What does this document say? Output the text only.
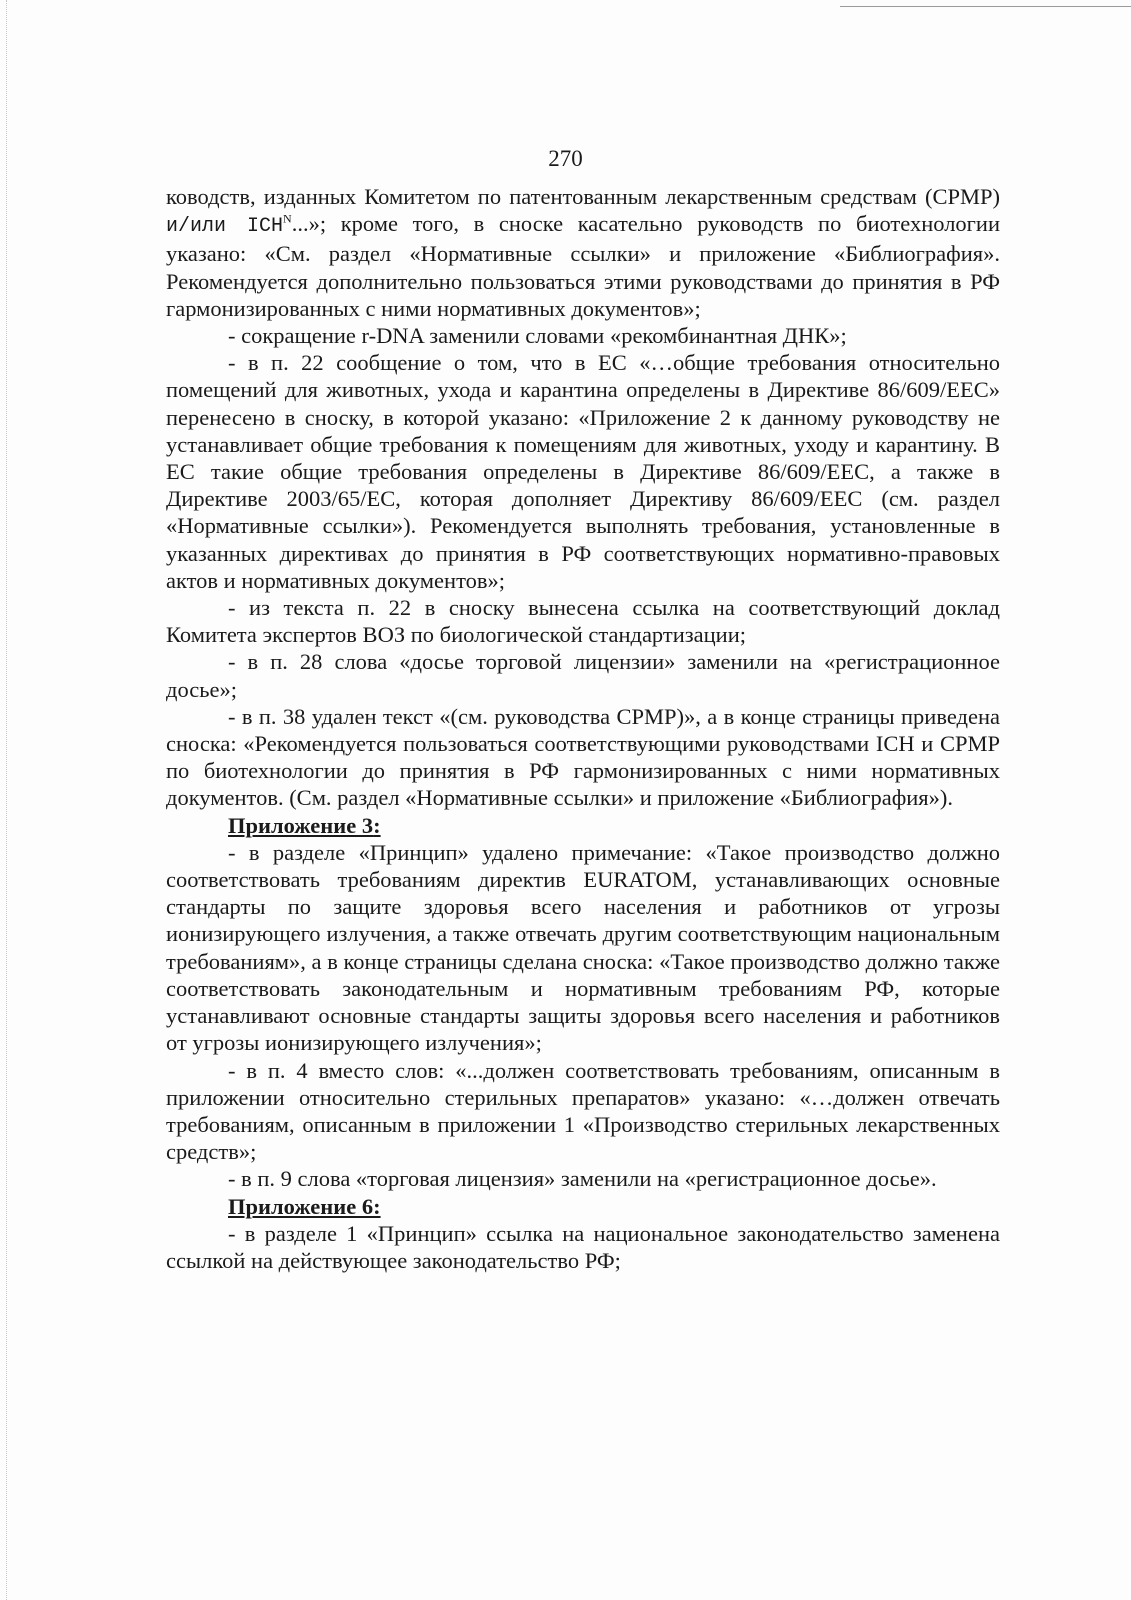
270

ководств, изданных Комитетом по патентованным лекарственным средствам (CPMP) и/или $ICH^N$...»; кроме того, в сноске касательно руководств по биотехнологии указано: «См. раздел «Нормативные ссылки» и приложение «Библиография». Рекомендуется дополнительно пользоваться этими руководствами до принятия в РФ гармонизированных с ними нормативных документов»;

- сокращение r-DNA заменили словами «рекомбинантная ДНК»;

- в п. 22 сообщение о том, что в ЕС «…общие требования относительно помещений для животных, ухода и карантина определены в Директиве 86/609/EEC» перенесено в сноску, в которой указано: «Приложение 2 к данному руководству не устанавливает общие требования к помещениям для животных, уходу и карантину. В ЕС такие общие требования определены в Директиве 86/609/EEC, а также в Директиве 2003/65/EC, которая дополняет Директиву 86/609/EEC (см. раздел «Нормативные ссылки»). Рекомендуется выполнять требования, установленные в указанных директивах до принятия в РФ соответствующих нормативно-правовых актов и нормативных документов»;

- из текста п. 22 в сноску вынесена ссылка на соответствующий доклад Комитета экспертов ВОЗ по биологической стандартизации;

- в п. 28 слова «досье торговой лицензии» заменили на «регистрационное досье»;

- в п. 38 удален текст «(см. руководства CPMP)», а в конце страницы приведена сноска: «Рекомендуется пользоваться соответствующими руководствами ICH и CPMP по биотехнологии до принятия в РФ гармонизированных с ними нормативных документов. (См. раздел «Нормативные ссылки» и приложение «Библиография»).

Приложение 3:

- в разделе «Принцип» удалено примечание: «Такое производство должно соответствовать требованиям директив EURATOM, устанавливающих основные стандарты по защите здоровья всего населения и работников от угрозы ионизирующего излучения, а также отвечать другим соответствующим национальным требованиям», а в конце страницы сделана сноска: «Такое производство должно также соответствовать законодательным и нормативным требованиям РФ, которые устанавливают основные стандарты защиты здоровья всего населения и работников от угрозы ионизирующего излучения»;

- в п. 4 вместо слов: «...должен соответствовать требованиям, описанным в приложении относительно стерильных препаратов» указано: «…должен отвечать требованиям, описанным в приложении 1 «Производство стерильных лекарственных средств»;

- в п. 9 слова «торговая лицензия» заменили на «регистрационное досье».

Приложение 6:

- в разделе 1 «Принцип» ссылка на национальное законодательство заменена ссылкой на действующее законодательство РФ;
